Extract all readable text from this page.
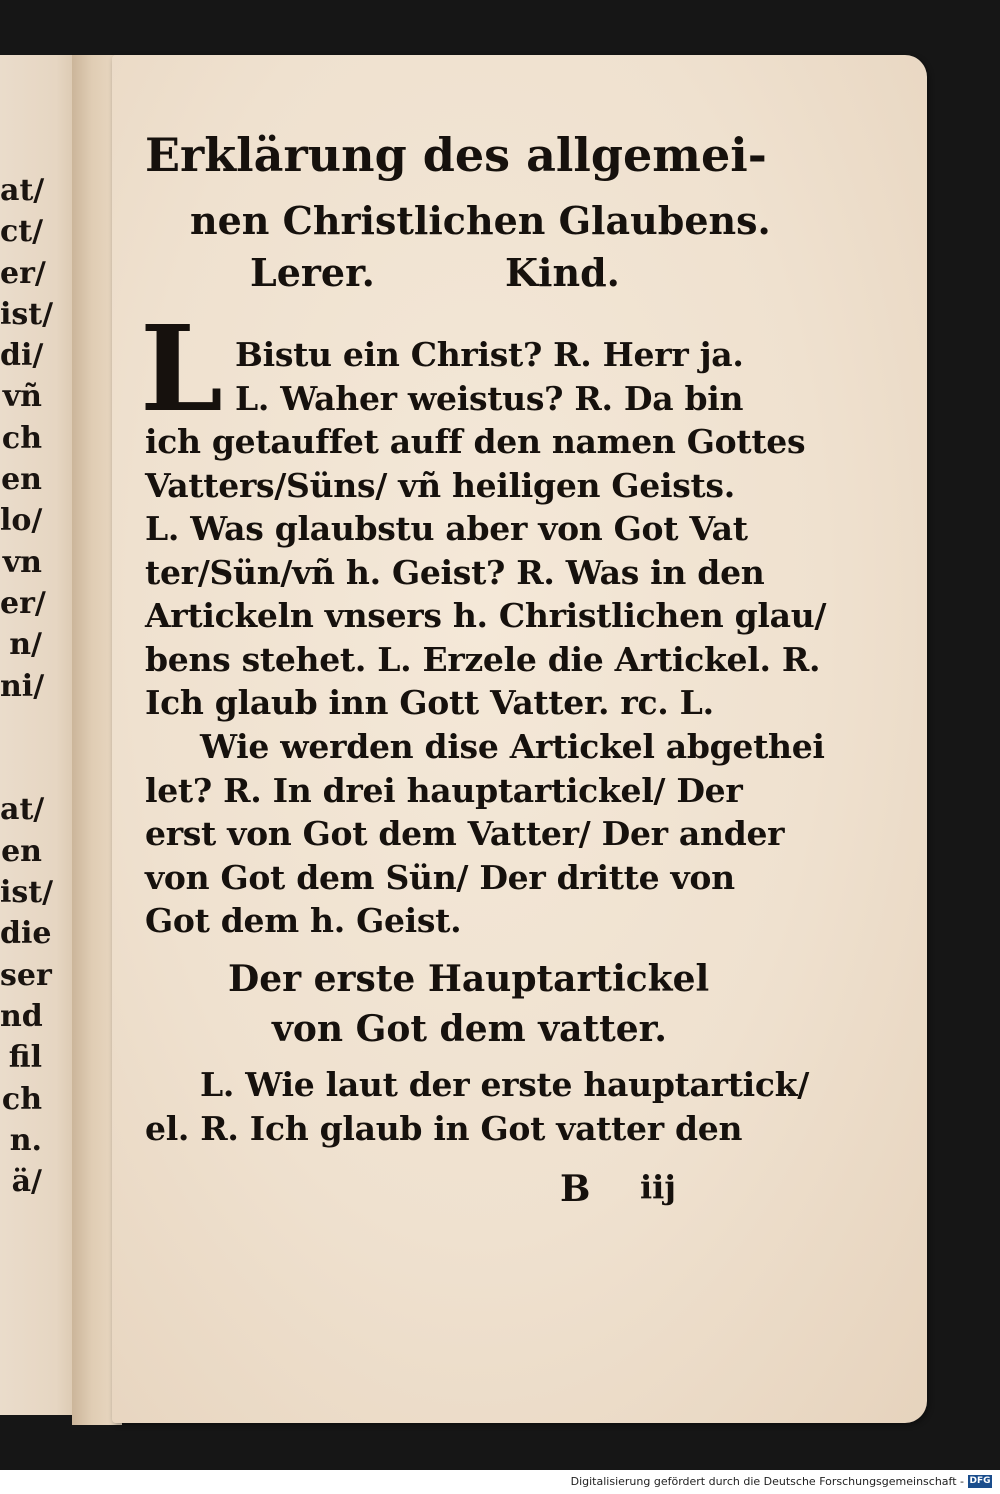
at/
ct/
er/
ist/
di/
vñ
ch
en
lo/
vn
er/
n/
ni/

at/
en
ist/
die
ser
nd
fil
ch
n.
ä/
Erklärung des allgemei-
nen Christlichen Glaubens.
Lerer.	Kind.
L Bistu ein Christ? R. Herr ja.
L. Waher weistus? R. Da bin
ich getauffet auff den namen Gottes
Vatters/Süns/ vñ heiligen Geists.
L. Was glaubstu aber von Got Vat
ter/Sün/vñ h. Geist? R. Was in den
Artickeln vnsers h. Christlichen glau/
bens stehet. L. Erzele die Artickel. R.
Ich glaub inn Gott Vatter. rc. L.
Wie werden dise Artickel abgethei
let? R. In drei hauptartickel/ Der
erst von Got dem Vatter/ Der ander
von Got dem Sün/ Der dritte von
Got dem h. Geist.
Der erste Hauptartickel
von Got dem vatter.
L. Wie laut der erste hauptartick/
el. R. Ich glaub in Got vatter den
B iij
Digitalisierung gefördert durch die Deutsche Forschungsgemeinschaft - DFG
